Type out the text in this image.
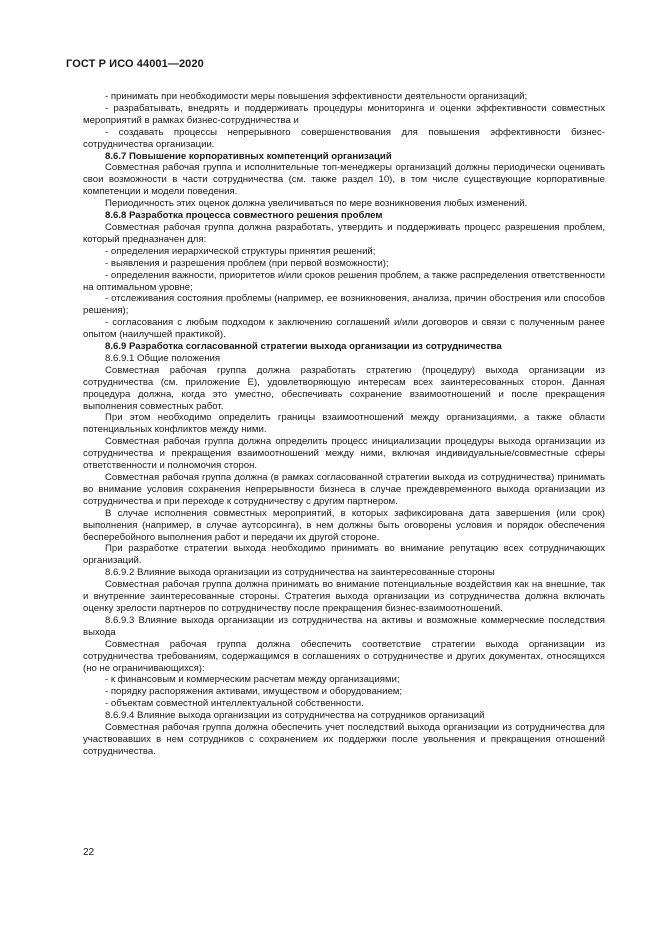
ГОСТ Р ИСО 44001—2020

- принимать при необходимости меры повышения эффективности деятельности организаций;

- разрабатывать, внедрять и поддерживать процедуры мониторинга и оценки эффективности совместных мероприятий в рамках бизнес-сотрудничества и

- создавать процессы непрерывного совершенствования для повышения эффективности бизнес-сотрудничества организации.

8.6.7 Повышение корпоративных компетенций организаций

Совместная рабочая группа и исполнительные топ-менеджеры организаций должны периодически оценивать свои возможности в части сотрудничества (см. также раздел 10), в том числе существующие корпоративные компетенции и модели поведения.

Периодичность этих оценок должна увеличиваться по мере возникновения любых изменений.

8.6.8 Разработка процесса совместного решения проблем

Совместная рабочая группа должна разработать, утвердить и поддерживать процесс разрешения проблем, который предназначен для:

- определения иерархической структуры принятия решений;

- выявления и разрешения проблем (при первой возможности);

- определения важности, приоритетов и/или сроков решения проблем, а также распределения ответственности на оптимальном уровне;

- отслеживания состояния проблемы (например, ее возникновения, анализа, причин обострения или способов решения);

- согласования с любым подходом к заключению соглашений и/или договоров и связи с полученным ранее опытом (наилучшей практикой).

8.6.9 Разработка согласованной стратегии выхода организации из сотрудничества

8.6.9.1 Общие положения

Совместная рабочая группа должна разработать стратегию (процедуру) выхода организации из сотрудничества (см. приложение Е), удовлетворяющую интересам всех заинтересованных сторон. Данная процедура должна, когда это уместно, обеспечивать сохранение взаимоотношений и после прекращения выполнения совместных работ.

При этом необходимо определить границы взаимоотношений между организациями, а также области потенциальных конфликтов между ними.

Совместная рабочая группа должна определить процесс инициализации процедуры выхода организации из сотрудничества и прекращения взаимоотношений между ними, включая индивидуальные/совместные сферы ответственности и полномочия сторон.

Совместная рабочая группа должна (в рамках согласованной стратегии выхода из сотрудничества) принимать во внимание условия сохранения непрерывности бизнеса в случае преждевременного выхода организации из сотрудничества и при переходе к сотрудничеству с другим партнером.

В случае исполнения совместных мероприятий, в которых зафиксирована дата завершения (или срок) выполнения (например, в случае аутсорсинга), в нем должны быть оговорены условия и порядок обеспечения бесперебойного выполнения работ и передачи их другой стороне.

При разработке стратегии выхода необходимо принимать во внимание репутацию всех сотрудничающих организаций.

8.6.9.2 Влияние выхода организации из сотрудничества на заинтересованные стороны

Совместная рабочая группа должна принимать во внимание потенциальные воздействия как на внешние, так и внутренние заинтересованные стороны. Стратегия выхода организации из сотрудничества должна включать оценку зрелости партнеров по сотрудничеству после прекращения бизнес-взаимоотношений.

8.6.9.3 Влияние выхода организации из сотрудничества на активы и возможные коммерческие последствия выхода

Совместная рабочая группа должна обеспечить соответствие стратегии выхода организации из сотрудничества требованиям, содержащимся в соглашениях о сотрудничестве и других документах, относящихся (но не ограничивающихся):

- к финансовым и коммерческим расчетам между организациями;

- порядку распоряжения активами, имуществом и оборудованием;

- объектам совместной интеллектуальной собственности.

8.6.9.4 Влияние выхода организации из сотрудничества на сотрудников организаций

Совместная рабочая группа должна обеспечить учет последствий выхода организации из сотрудничества для участвовавших в нем сотрудников с сохранением их поддержки после увольнения и прекращения отношений сотрудничества.

22
